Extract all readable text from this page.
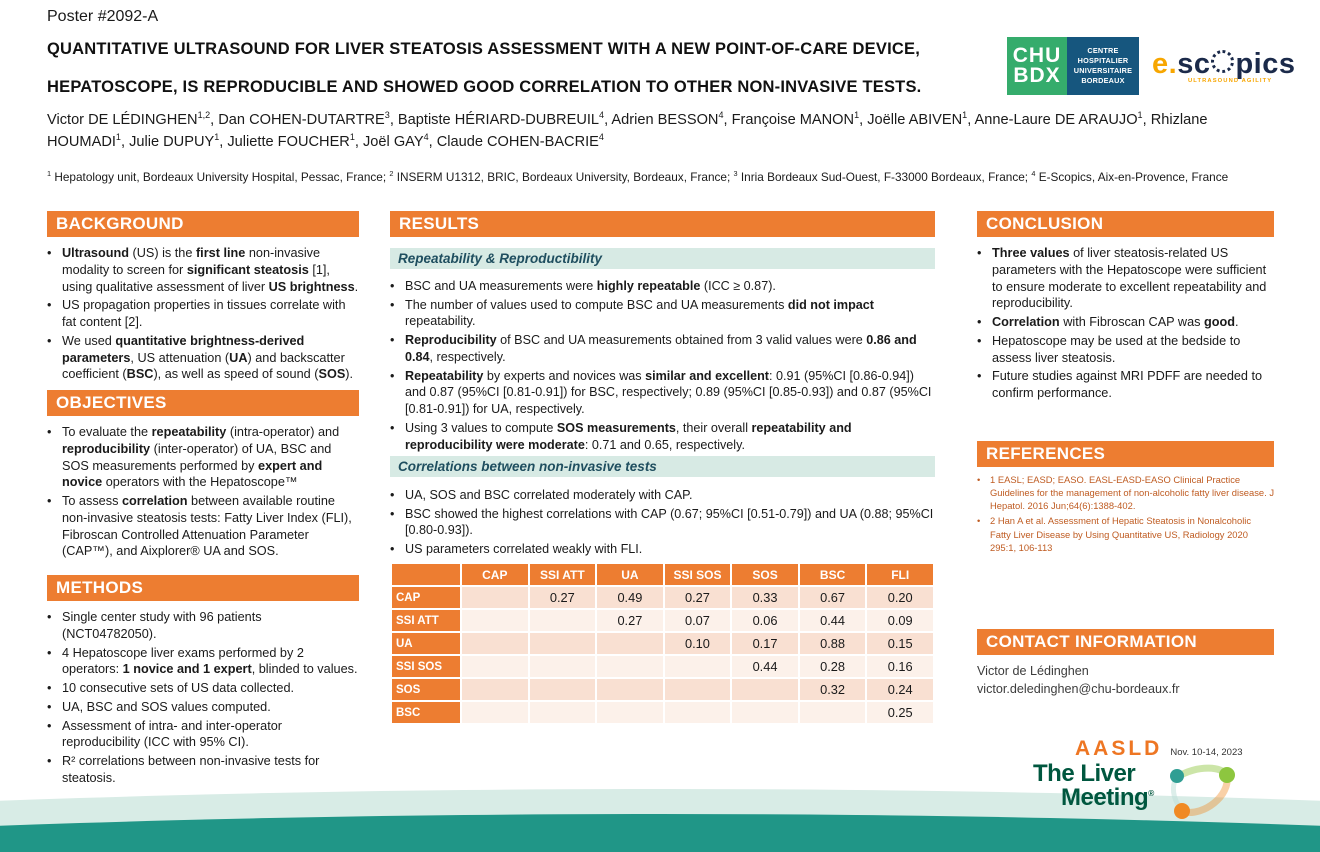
Poster #2092-A
QUANTITATIVE ULTRASOUND FOR LIVER STEATOSIS ASSESSMENT WITH A NEW POINT-OF-CARE DEVICE,
HEPATOSCOPE, IS REPRODUCIBLE AND SHOWED GOOD CORRELATION TO OTHER NON-INVASIVE TESTS.
Victor DE LÉDINGHEN$^{1,2}$, Dan COHEN-DUTARTRE$^3$, Baptiste HÉRIARD-DUBREUIL$^4$, Adrien BESSON$^4$, Françoise MANON$^1$, Joëlle ABIVEN$^1$, Anne-Laure DE ARAUJO$^1$, Rhizlane HOUMADI$^1$, Julie DUPUY$^1$, Juliette FOUCHER$^1$, Joël GAY$^4$, Claude COHEN-BACRIE$^4$
$^1$ Hepatology unit, Bordeaux University Hospital, Pessac, France; $^2$ INSERM U1312, BRIC, Bordeaux University, Bordeaux, France; $^3$ Inria Bordeaux Sud-Ouest, F-33000 Bordeaux, France; $^4$ E-Scopics, Aix-en-Provence, France
CHU
BDX
CENTRE
HOSPITALIER
UNIVERSITAIRE
BORDEAUX
e.sc pics
ULTRASOUND AGILITY
BACKGROUND
• Ultrasound (US) is the first line non-invasive modality to screen for significant steatosis [1], using qualitative assessment of liver US brightness.
• US propagation properties in tissues correlate with fat content [2].
• We used quantitative brightness-derived parameters, US attenuation (UA) and backscatter coefficient (BSC), as well as speed of sound (SOS).
OBJECTIVES
• To evaluate the repeatability (intra-operator) and reproducibility (inter-operator) of UA, BSC and SOS measurements performed by expert and novice operators with the Hepatoscope™
• To assess correlation between available routine non-invasive steatosis tests: Fatty Liver Index (FLI), Fibroscan Controlled Attenuation Parameter (CAP™), and Aixplorer® UA and SOS.
METHODS
• Single center study with 96 patients (NCT04782050).
• 4 Hepatoscope liver exams performed by 2 operators: 1 novice and 1 expert, blinded to values.
• 10 consecutive sets of US data collected.
• UA, BSC and SOS values computed.
• Assessment of intra- and inter-operator reproducibility (ICC with 95% CI).
• R² correlations between non-invasive tests for steatosis.
RESULTS
Repeatability & Reproductibility
• BSC and UA measurements were highly repeatable (ICC ≥ 0.87).
• The number of values used to compute BSC and UA measurements did not impact repeatability.
• Reproducibility of BSC and UA measurements obtained from 3 valid values were 0.86 and 0.84, respectively.
• Repeatability by experts and novices was similar and excellent: 0.91 (95%CI [0.86-0.94]) and 0.87 (95%CI [0.81-0.91]) for BSC, respectively; 0.89 (95%CI [0.85-0.93]) and 0.87 (95%CI [0.81-0.91]) for UA, respectively.
• Using 3 values to compute SOS measurements, their overall repeatability and reproducibility were moderate: 0.71 and 0.65, respectively.
Correlations between non-invasive tests
• UA, SOS and BSC correlated moderately with CAP.
• BSC showed the highest correlations with CAP (0.67; 95%CI [0.51-0.79]) and UA (0.88; 95%CI [0.80-0.93]).
• US parameters correlated weakly with FLI.
	CAP	SSI ATT	UA	SSI SOS	SOS	BSC	FLI
CAP		0.27	0.49	0.27	0.33	0.67	0.20
SSI ATT			0.27	0.07	0.06	0.44	0.09
UA				0.10	0.17	0.88	0.15
SSI SOS					0.44	0.28	0.16
SOS						0.32	0.24
BSC							0.25
CONCLUSION
• Three values of liver steatosis-related US parameters with the Hepatoscope were sufficient to ensure moderate to excellent repeatability and reproducibility.
• Correlation with Fibroscan CAP was good.
• Hepatoscope may be used at the bedside to assess liver steatosis.
• Future studies against MRI PDFF are needed to confirm performance.
REFERENCES
•	1 EASL; EASD; EASO. EASL-EASD-EASO Clinical Practice Guidelines for the management of non-alcoholic fatty liver disease. J Hepatol. 2016 Jun;64(6):1388-402.
•	2 Han A et al. Assessment of Hepatic Steatosis in Nonalcoholic Fatty Liver Disease by Using Quantitative US, Radiology 2020 295:1, 106-113
CONTACT INFORMATION
Victor de Lédinghen
victor.deledinghen@chu-bordeaux.fr
AASLD Nov. 10-14, 2023
The Liver
Meeting®
